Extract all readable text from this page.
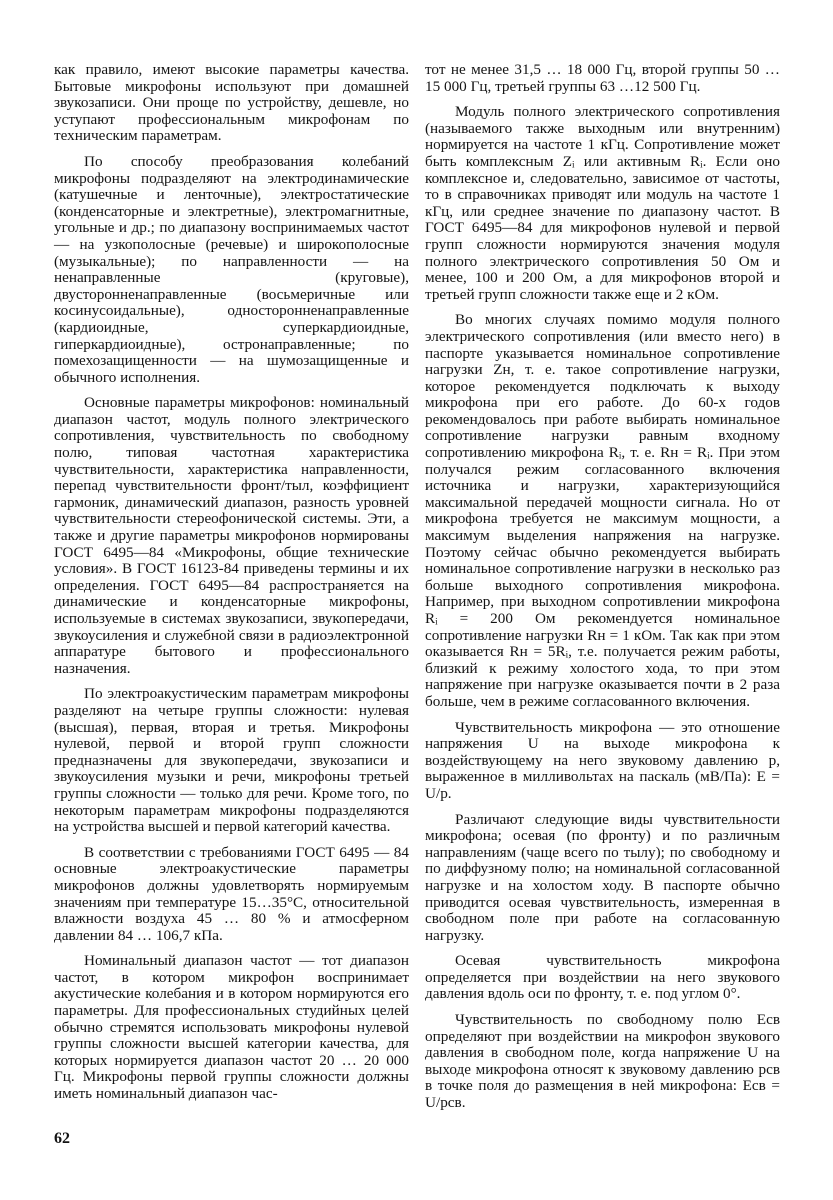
как правило, имеют высокие параметры качества. Бытовые микрофоны используют при домашней звукозаписи. Они проще по устройству, дешевле, но уступают профессиональным микрофонам по техническим параметрам.

По способу преобразования колебаний микрофоны подразделяют на электродинамические (катушечные и ленточные), электростатические (конденсаторные и электретные), электромагнитные, угольные и др.; по диапазону воспринимаемых частот — на узкополосные (речевые) и широкополосные (музыкальные); по направленности — на ненаправленные (круговые), двусторонненаправленные (восьмеричные или косинусоидальные), односторонненаправленные (кардиоидные, суперкардиоидные, гиперкардиоидные), остронаправленные; по помехозащищенности — на шумозащищенные и обычного исполнения.

Основные параметры микрофонов: номинальный диапазон частот, модуль полного электрического сопротивления, чувствительность по свободному полю, типовая частотная характеристика чувствительности, характеристика направленности, перепад чувствительности фронт/тыл, коэффициент гармоник, динамический диапазон, разность уровней чувствительности стереофонической системы. Эти, а также и другие параметры микрофонов нормированы ГОСТ 6495—84 «Микрофоны, общие технические условия». В ГОСТ 16123-84 приведены термины и их определения. ГОСТ 6495—84 распространяется на динамические и конденсаторные микрофоны, используемые в системах звукозаписи, звукопередачи, звукоусиления и служебной связи в радиоэлектронной аппаратуре бытового и профессионального назначения.

По электроакустическим параметрам микрофоны разделяют на четыре группы сложности: нулевая (высшая), первая, вторая и третья. Микрофоны нулевой, первой и второй групп сложности предназначены для звукопередачи, звукозаписи и звукоусиления музыки и речи, микрофоны третьей группы сложности — только для речи. Кроме того, по некоторым параметрам микрофоны подразделяются на устройства высшей и первой категорий качества.

В соответствии с требованиями ГОСТ 6495 — 84 основные электроакустические параметры микрофонов должны удовлетворять нормируемым значениям при температуре 15…35°C, относительной влажности воздуха 45 … 80 % и атмосферном давлении 84 … 106,7 кПа.

Номинальный диапазон частот — тот диапазон частот, в котором микрофон воспринимает акустические колебания и в котором нормируются его параметры. Для профессиональных студийных целей обычно стремятся использовать микрофоны нулевой группы сложности высшей категории качества, для которых нормируется диапазон частот 20 … 20 000 Гц. Микрофоны первой группы сложности должны иметь номинальный диапазон час-

тот не менее 31,5 … 18 000 Гц, второй группы 50 … 15 000 Гц, третьей группы 63 …12 500 Гц.

Модуль полного электрического сопротивления (называемого также выходным или внутренним) нормируется на частоте 1 кГц. Сопротивление может быть комплексным Zᵢ или активным Rᵢ. Если оно комплексное и, следовательно, зависимое от частоты, то в справочниках приводят или модуль на частоте 1 кГц, или среднее значение по диапазону частот. В ГОСТ 6495—84 для микрофонов нулевой и первой групп сложности нормируются значения модуля полного электрического сопротивления 50 Ом и менее, 100 и 200 Ом, а для микрофонов второй и третьей групп сложности также еще и 2 кОм.

Во многих случаях помимо модуля полного электрического сопротивления (или вместо него) в паспорте указывается номинальное сопротивление нагрузки Zн, т. е. такое сопротивление нагрузки, которое рекомендуется подключать к выходу микрофона при его работе. До 60-х годов рекомендовалось при работе выбирать номинальное сопротивление нагрузки равным входному сопротивлению микрофона Rᵢ, т. е. Rн = Rᵢ. При этом получался режим согласованного включения источника и нагрузки, характеризующийся максимальной передачей мощности сигнала. Но от микрофона требуется не максимум мощности, а максимум выделения напряжения на нагрузке. Поэтому сейчас обычно рекомендуется выбирать номинальное сопротивление нагрузки в несколько раз больше выходного сопротивления микрофона. Например, при выходном сопротивлении микрофона Rᵢ = 200 Ом рекомендуется номинальное сопротивление нагрузки Rн = 1 кОм. Так как при этом оказывается Rн = 5Rᵢ, т.е. получается режим работы, близкий к режиму холостого хода, то при этом напряжение при нагрузке оказывается почти в 2 раза больше, чем в режиме согласованного включения.

Чувствительность микрофона — это отношение напряжения U на выходе микрофона к воздействующему на него звуковому давлению p, выраженное в милливольтах на паскаль (мВ/Па): E = U/p.

Различают следующие виды чувствительности микрофона; осевая (по фронту) и по различным направлениям (чаще всего по тылу); по свободному и по диффузному полю; на номинальной согласованной нагрузке и на холостом ходу. В паспорте обычно приводится осевая чувствительность, измеренная в свободном поле при работе на согласованную нагрузку.

Осевая чувствительность микрофона определяется при воздействии на него звукового давления вдоль оси по фронту, т. е. под углом 0°.

Чувствительность по свободному полю Eсв определяют при воздействии на микрофон звукового давления в свободном поле, когда напряжение U на выходе микрофона относят к звуковому давлению pсв в точке поля до размещения в ней микрофона: Eсв = U/pсв.

62
